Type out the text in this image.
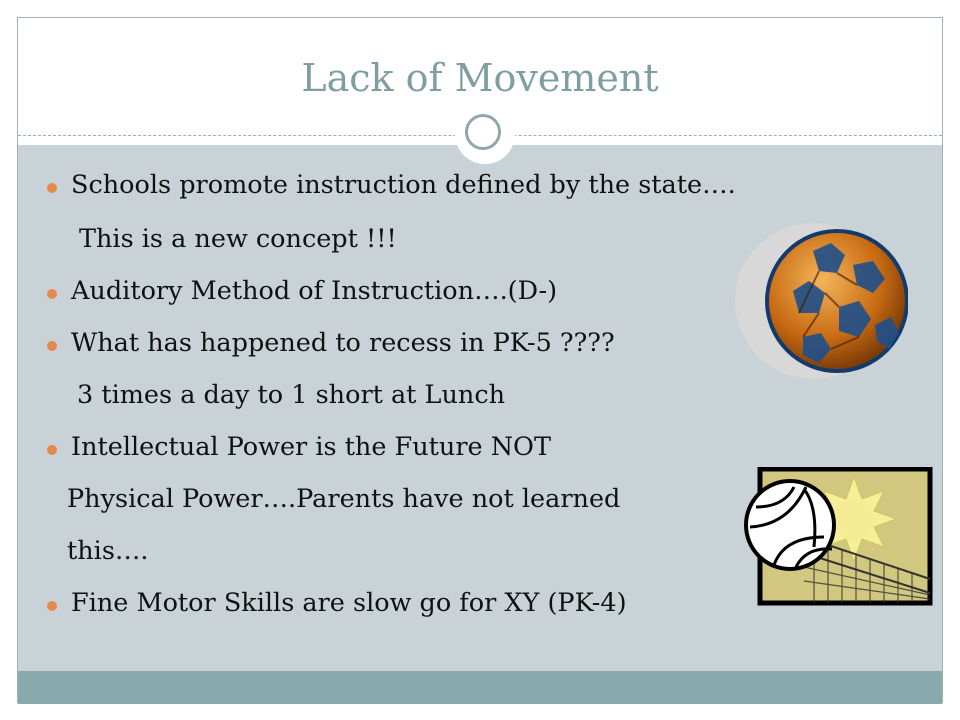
Lack of Movement
Schools promote instruction defined by the state….
This is a new concept !!!
Auditory Method of Instruction….(D-)
What has happened to recess in PK-5 ????
3 times a day to 1 short at Lunch
Intellectual Power is the Future NOT
Physical Power….Parents have not learned
this….
Fine Motor Skills are slow go for XY (PK-4)
